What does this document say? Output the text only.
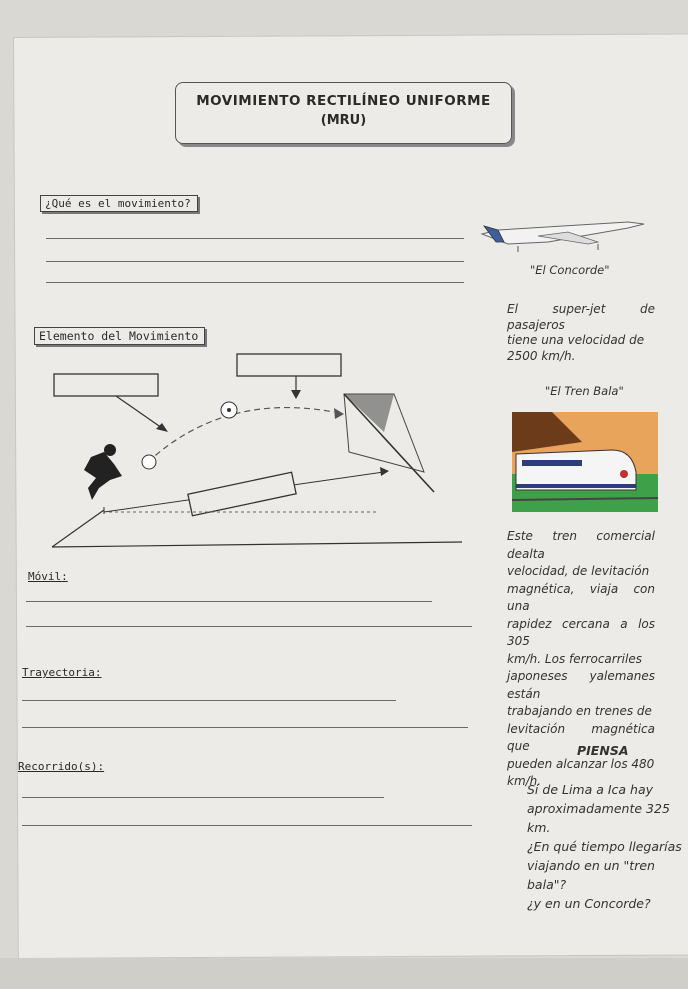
MOVIMIENTO RECTILÍNEO UNIFORME
(MRU)
¿Qué es el movimiento?
"El Concorde"
El super-jet de pasajeros
tiene una velocidad de
2500 km/h.
Elemento del Movimiento
"El Tren Bala"
Este tren comercial dealta
velocidad, de levitación
magnética, viaja con una
rapidez cercana a los 305
km/h. Los ferrocarriles
japoneses yalemanes están
trabajando en trenes de
levitación magnética que
pueden alcanzar los 480
km/h.
Móvil:
Trayectoria:
Recorrido(s):
PIENSA
Si de Lima a Ica hay
aproximadamente 325 km.
¿En qué tiempo llegarías
viajando en un "tren bala"?
¿y en un Concorde?
